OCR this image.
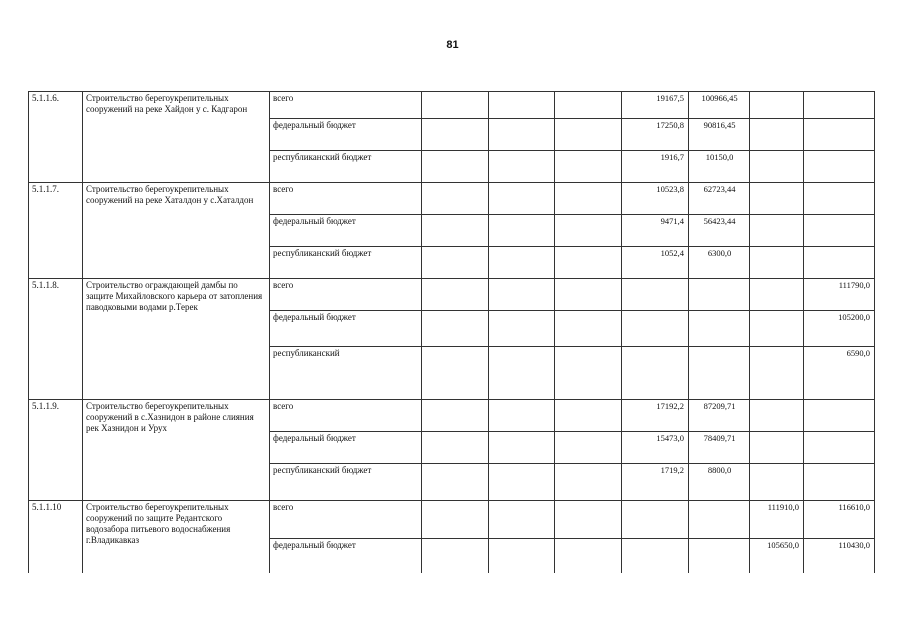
81
5.1.1.6.	Строительство берегоукрепительных сооружений на реке Хайдон у с. Кадгарон	всего				19167,5	100966,45		
		федеральный бюджет				17250,8	90816,45		
		республиканский бюджет				1916,7	10150,0		
5.1.1.7.	Строительство берегоукрепительных сооружений на реке Хаталдон у с.Хаталдон	всего				10523,8	62723,44		
		федеральный бюджет				9471,4	56423,44		
		республиканский бюджет				1052,4	6300,0		
5.1.1.8.	Строительство ограждающей дамбы по защите Михайловского карьера от затопления паводковыми водами р.Терек	всего							111790,0
		федеральный бюджет							105200,0
		республиканский							6590,0
5.1.1.9.	Строительство берегоукрепительных сооружений в с.Хазнидон в районе слияния рек Хазнидон и Урух	всего				17192,2	87209,71		
		федеральный бюджет				15473,0	78409,71		
		республиканский бюджет				1719,2	8800,0		
5.1.1.10	Строительство берегоукрепительных сооружений по защите Редантского водозабора питьевого водоснабжения г.Владикавказ	всего						111910,0	116610,0
		федеральный бюджет						105650,0	110430,0
